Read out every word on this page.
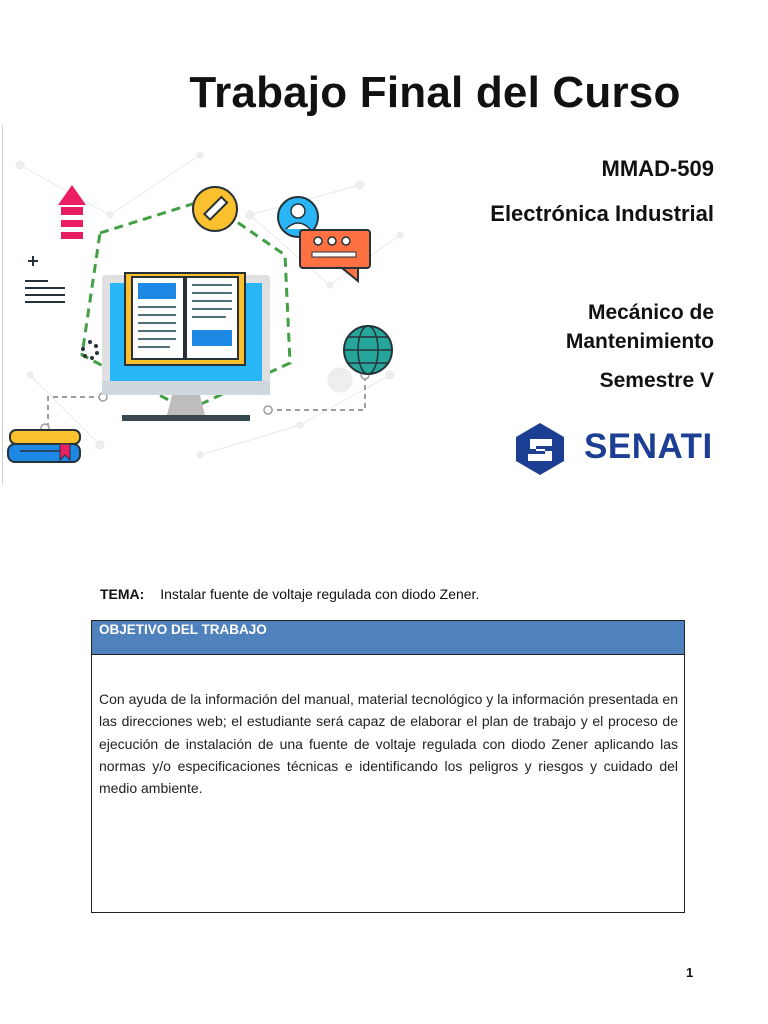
Trabajo Final del Curso
MMAD-509
Electrónica Industrial
Mecánico de Mantenimiento
Semestre V
SENATI
TEMA: Instalar fuente de voltaje regulada con diodo Zener.
OBJETIVO DEL TRABAJO
Con ayuda de la información del manual, material tecnológico y la información presentada en las direcciones web; el estudiante será capaz de elaborar el plan de trabajo y el proceso de ejecución de instalación de una fuente de voltaje regulada con diodo Zener aplicando las normas y/o especificaciones técnicas e identificando los peligros y riesgos y cuidado del medio ambiente.
1
